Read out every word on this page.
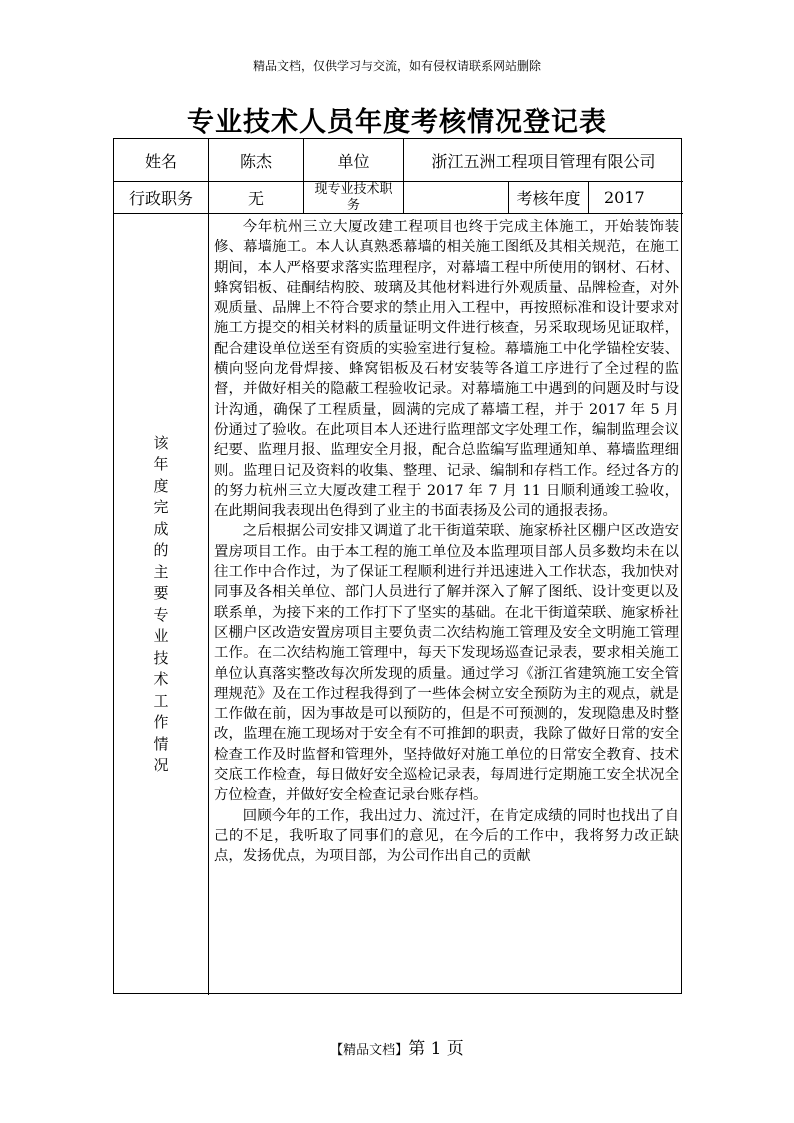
精品文档，仅供学习与交流，如有侵权请联系网站删除
专业技术人员年度考核情况登记表
姓名	陈杰	单位	浙江五洲工程项目管理有限公司
行政职务	无	现专业技术职务	考核年度	2017
该年度完成的主要专业技术工作情况

今年杭州三立大厦改建工程项目也终于完成主体施工，开始装饰装修、幕墙施工。本人认真熟悉幕墙的相关施工图纸及其相关规范，在施工期间，本人严格要求落实监理程序，对幕墙工程中所使用的钢材、石材、蜂窝铝板、硅酮结构胶、玻璃及其他材料进行外观质量、品牌检查，对外观质量、品牌上不符合要求的禁止用入工程中，再按照标准和设计要求对施工方提交的相关材料的质量证明文件进行核查，另采取现场见证取样，配合建设单位送至有资质的实验室进行复检。幕墙施工中化学锚栓安装、横向竖向龙骨焊接、蜂窝铝板及石材安装等各道工序进行了全过程的监督，并做好相关的隐蔽工程验收记录。对幕墙施工中遇到的问题及时与设计沟通，确保了工程质量，圆满的完成了幕墙工程，并于 2017 年 5 月份通过了验收。在此项目本人还进行监理部文字处理工作，编制监理会议纪要、监理月报、监理安全月报，配合总监编写监理通知单、幕墙监理细则。监理日记及资料的收集、整理、记录、编制和存档工作。经过各方的的努力杭州三立大厦改建工程于 2017 年 7 月 11 日顺利通竣工验收，在此期间我表现出色得到了业主的书面表扬及公司的通报表扬。

之后根据公司安排又调道了北干街道荣联、施家桥社区棚户区改造安置房项目工作。由于本工程的施工单位及本监理项目部人员多数均未在以往工作中合作过，为了保证工程顺利进行并迅速进入工作状态，我加快对同事及各相关单位、部门人员进行了解并深入了解了图纸、设计变更以及联系单，为接下来的工作打下了坚实的基础。在北干街道荣联、施家桥社区棚户区改造安置房项目主要负责二次结构施工管理及安全文明施工管理工作。在二次结构施工管理中，每天下发现场巡查记录表，要求相关施工单位认真落实整改每次所发现的质量。通过学习《浙江省建筑施工安全管理规范》及在工作过程我得到了一些体会树立安全预防为主的观点，就是工作做在前，因为事故是可以预防的，但是不可预测的，发现隐患及时整改，监理在施工现场对于安全有不可推卸的职责，我除了做好日常的安全检查工作及时监督和管理外，坚持做好对施工单位的日常安全教育、技术交底工作检查，每日做好安全巡检记录表，每周进行定期施工安全状况全方位检查，并做好安全检查记录台账存档。

回顾今年的工作，我出过力、流过汗，在肯定成绩的同时也找出了自己的不足，我听取了同事们的意见，在今后的工作中，我将努力改正缺点，发扬优点，为项目部，为公司作出自己的贡献

【精品文档】第 1 页
